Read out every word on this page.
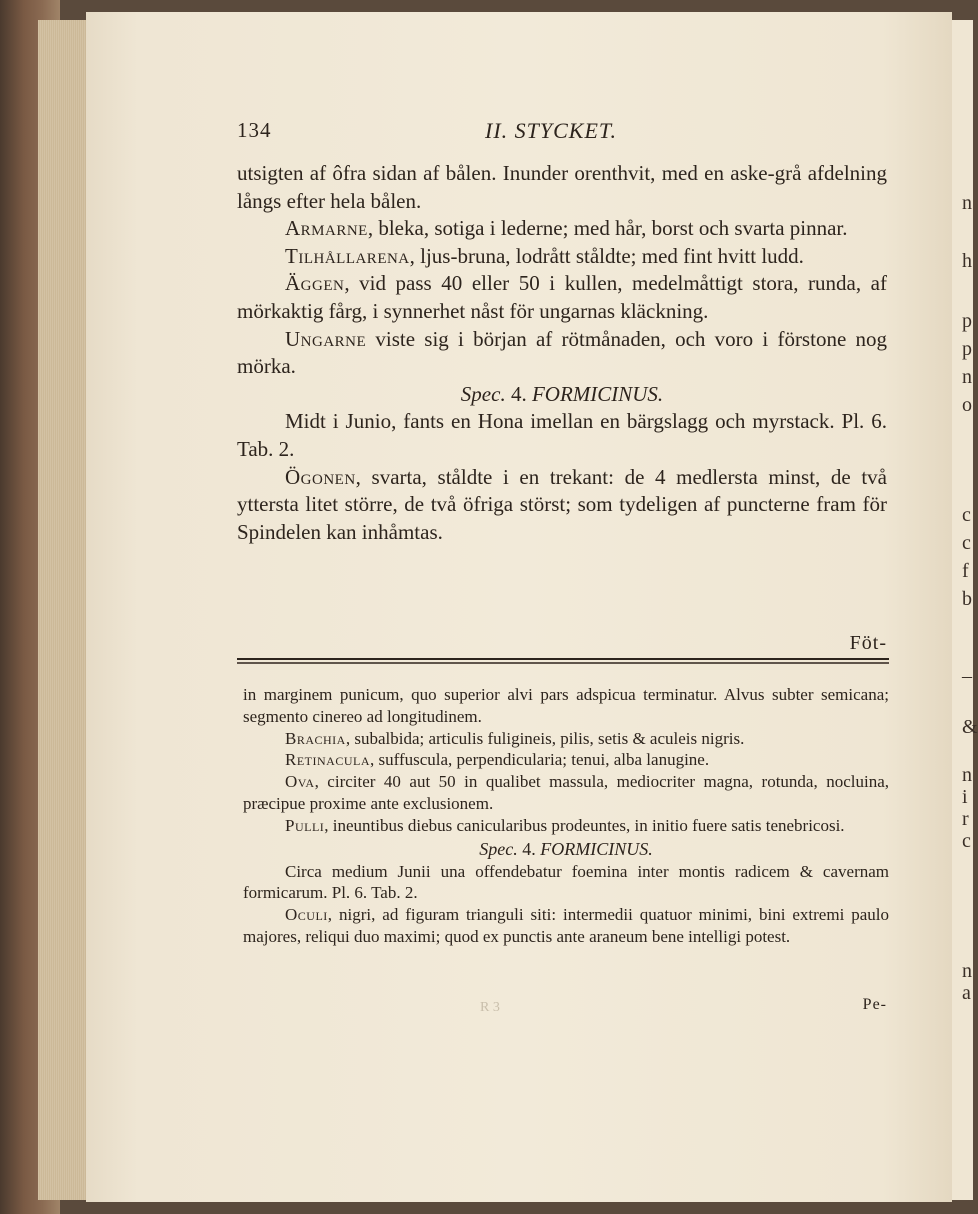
n
h
p
p
n
o
c
c
f
b
–
&
n
i
r
c
n
a
134	II. STYCKET.

utsigten af ôfra sidan af bålen. Inunder orenthvit, med en aske-grå afdelning långs efter hela bålen.

Armarne, bleka, sotiga i lederne; med hår, borst och svarta pinnar.

Tilhållarena, ljus-bruna, lodrått ståldte; med fint hvitt ludd.

Äggen, vid pass 40 eller 50 i kullen, medelmåttigt stora, runda, af mörkaktig fårg, i synnerhet nåst för ungarnas kläckning.

Ungarne viste sig i början af rötmånaden, och voro i förstone nog mörka.

Spec. 4. FORMICINUS.

Midt i Junio, fants en Hona imellan en bärgslagg och myrstack. Pl. 6. Tab. 2.

Ögonen, svarta, ståldte i en trekant: de 4 medlersta minst, de två yttersta litet större, de två öfriga störst; som tydeligen af puncterne fram för Spindelen kan inhåmtas.

Föt-

in marginem punicum, quo superior alvi pars adspicua terminatur. Alvus subter semicana; segmento cinereo ad longitudinem.

Brachia, subalbida; articulis fuligineis, pilis, setis & aculeis nigris.

Retinacula, suffuscula, perpendicularia; tenui, alba lanugine.

Ova, circiter 40 aut 50 in qualibet massula, mediocriter magna, rotunda, nocluina, præcipue proxime ante exclusionem.

Pulli, ineuntibus diebus canicularibus prodeuntes, in initio fuere satis tenebricosi.

Spec. 4. FORMICINUS.

Circa medium Junii una offendebatur foemina inter montis radicem & cavernam formicarum. Pl. 6. Tab. 2.

Oculi, nigri, ad figuram trianguli siti: intermedii quatuor minimi, bini extremi paulo majores, reliqui duo maximi; quod ex punctis ante araneum bene intelligi potest.

Pe-
R 3
